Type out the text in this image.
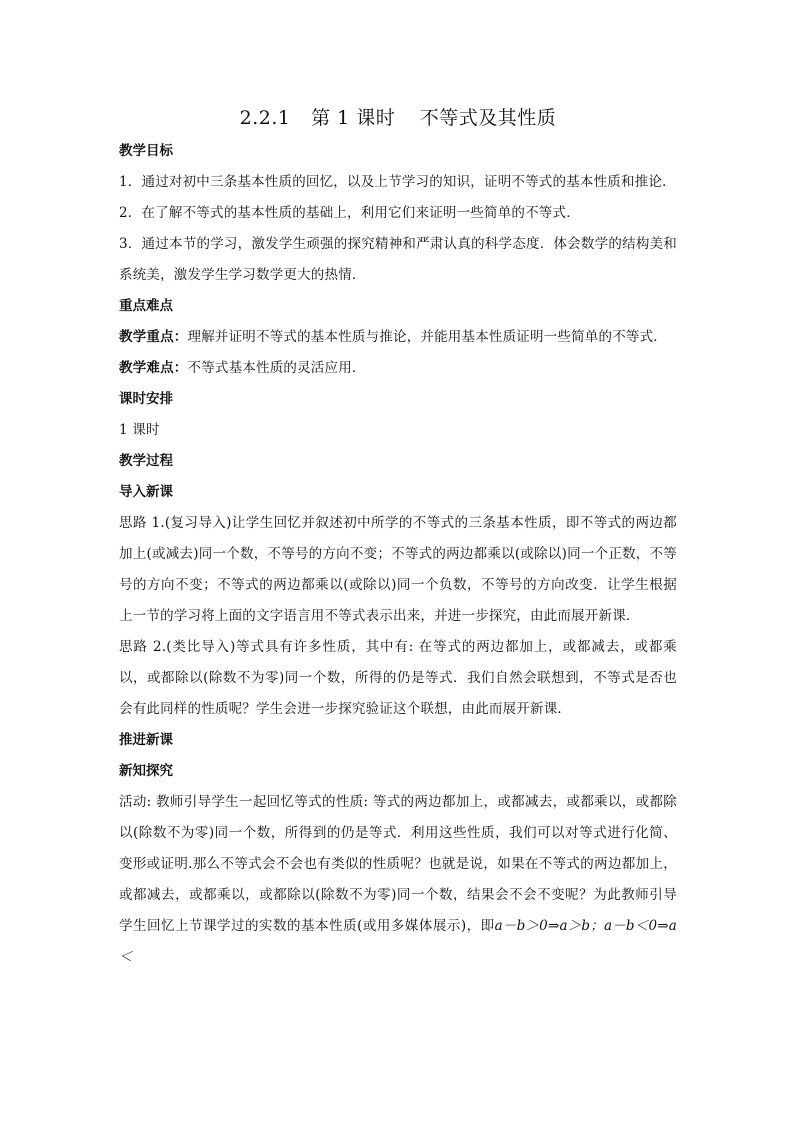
2.2.1 第 1 课时 不等式及其性质

教学目标

1．通过对初中三条基本性质的回忆，以及上节学习的知识，证明不等式的基本性质和推论．

2．在了解不等式的基本性质的基础上，利用它们来证明一些简单的不等式．

3．通过本节的学习，激发学生顽强的探究精神和严肃认真的科学态度．体会数学的结构美和系统美，激发学生学习数学更大的热情．

重点难点

教学重点：理解并证明不等式的基本性质与推论，并能用基本性质证明一些简单的不等式．

教学难点：不等式基本性质的灵活应用．

课时安排

1 课时

教学过程

导入新课

思路 1.(复习导入)让学生回忆并叙述初中所学的不等式的三条基本性质，即不等式的两边都加上(或减去)同一个数，不等号的方向不变；不等式的两边都乘以(或除以)同一个正数，不等号的方向不变；不等式的两边都乘以(或除以)同一个负数，不等号的方向改变．让学生根据上一节的学习将上面的文字语言用不等式表示出来，并进一步探究，由此而展开新课．

思路 2.(类比导入)等式具有许多性质，其中有: 在等式的两边都加上，或都减去，或都乘以，或都除以(除数不为零)同一个数，所得的仍是等式．我们自然会联想到，不等式是否也会有此同样的性质呢？学生会进一步探究验证这个联想，由此而展开新课．

推进新课

新知探究

活动: 教师引导学生一起回忆等式的性质: 等式的两边都加上，或都减去，或都乘以，或都除以(除数不为零)同一个数，所得到的仍是等式．利用这些性质，我们可以对等式进行化简、变形或证明.那么不等式会不会也有类似的性质呢？也就是说，如果在不等式的两边都加上，或都减去，或都乘以，或都除以(除数不为零)同一个数，结果会不会不变呢？为此教师引导学生回忆上节课学过的实数的基本性质(或用多媒体展示)，即a－b＞0⇒a＞b；a－b＜0⇒a＜
